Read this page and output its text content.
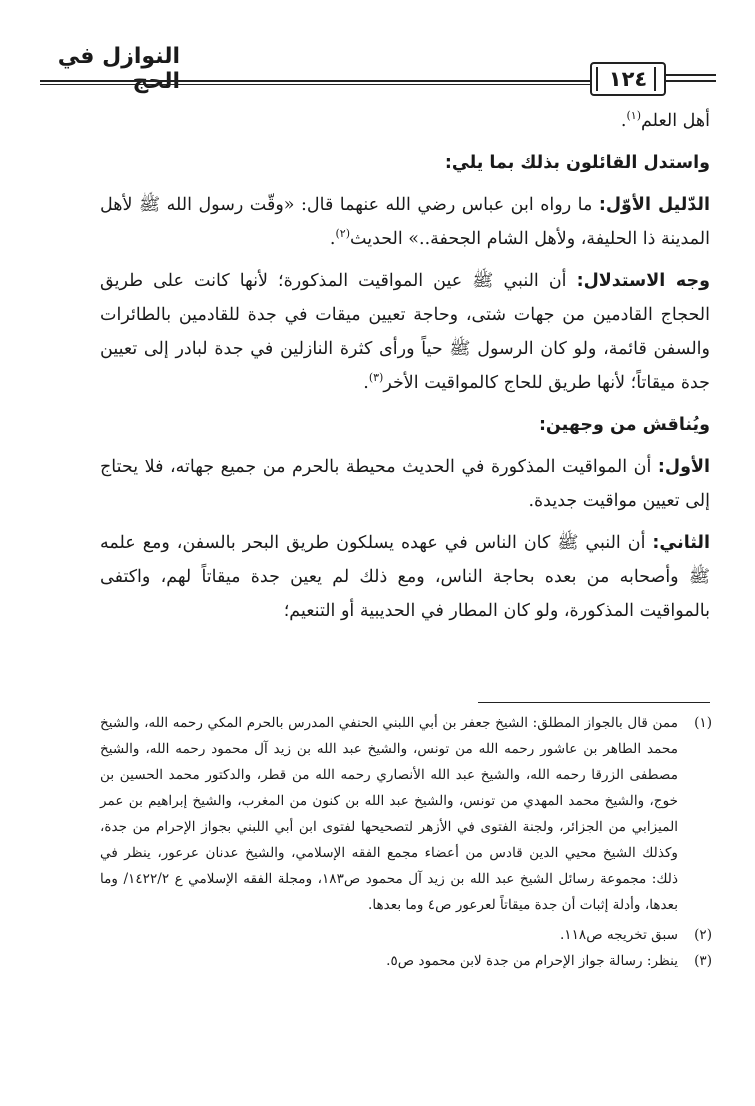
النوازل في الحج	١٢٤

أهل العلم$^{(١)}$.

واستدل القائلون بذلك بما يلي:

الدّليل الأوّل: ما رواه ابن عباس رضي الله عنهما قال: «وقّت رسول الله ﷺ لأهل المدينة ذا الحليفة، ولأهل الشام الجحفة..» الحديث$^{(٢)}$.

وجه الاستدلال: أن النبي ﷺ عين المواقيت المذكورة؛ لأنها كانت على طريق الحجاج القادمين من جهات شتى، وحاجة تعيين ميقات في جدة للقادمين بالطائرات والسفن قائمة، ولو كان الرسول ﷺ حياً ورأى كثرة النازلين في جدة لبادر إلى تعيين جدة ميقاتاً؛ لأنها طريق للحاج كالمواقيت الأخر$^{(٣)}$.

ويُناقش من وجهين:

الأول: أن المواقيت المذكورة في الحديث محيطة بالحرم من جميع جهاته، فلا يحتاج إلى تعيين مواقيت جديدة.

الثاني: أن النبي ﷺ كان الناس في عهده يسلكون طريق البحر بالسفن، ومع علمه ﷺ وأصحابه من بعده بحاجة الناس، ومع ذلك لم يعين جدة ميقاتاً لهم، واكتفى بالمواقيت المذكورة، ولو كان المطار في الحديبية أو التنعيم؛

(١)
ممن قال بالجواز المطلق: الشيخ جعفر بن أبي اللبني الحنفي المدرس بالحرم المكي رحمه الله، والشيخ محمد الطاهر بن عاشور رحمه الله من تونس، والشيخ عبد الله بن زيد آل محمود رحمه الله، والشيخ مصطفى الزرقا رحمه الله، والشيخ عبد الله الأنصاري رحمه الله من قطر، والدكتور محمد الحسين بن خوج، والشيخ محمد المهدي من تونس، والشيخ عبد الله بن كنون من المغرب، والشيخ إبراهيم بن عمر الميزابي من الجزائر، ولجنة الفتوى في الأزهر لتصحيحها لفتوى ابن أبي اللبني بجواز الإحرام من جدة، وكذلك الشيخ محيي الدين قادس من أعضاء مجمع الفقه الإسلامي، والشيخ عدنان عرعور، ينظر في ذلك: مجموعة رسائل الشيخ عبد الله بن زيد آل محمود ص١٨٣، ومجلة الفقه الإسلامي ع ١٤٢٢/٢/ وما بعدها، وأدلة إثبات أن جدة ميقاتاً لعرعور ص٤ وما بعدها.
(٢)
سبق تخريجه ص١١٨.
(٣)
ينظر: رسالة جواز الإحرام من جدة لابن محمود ص٥.
